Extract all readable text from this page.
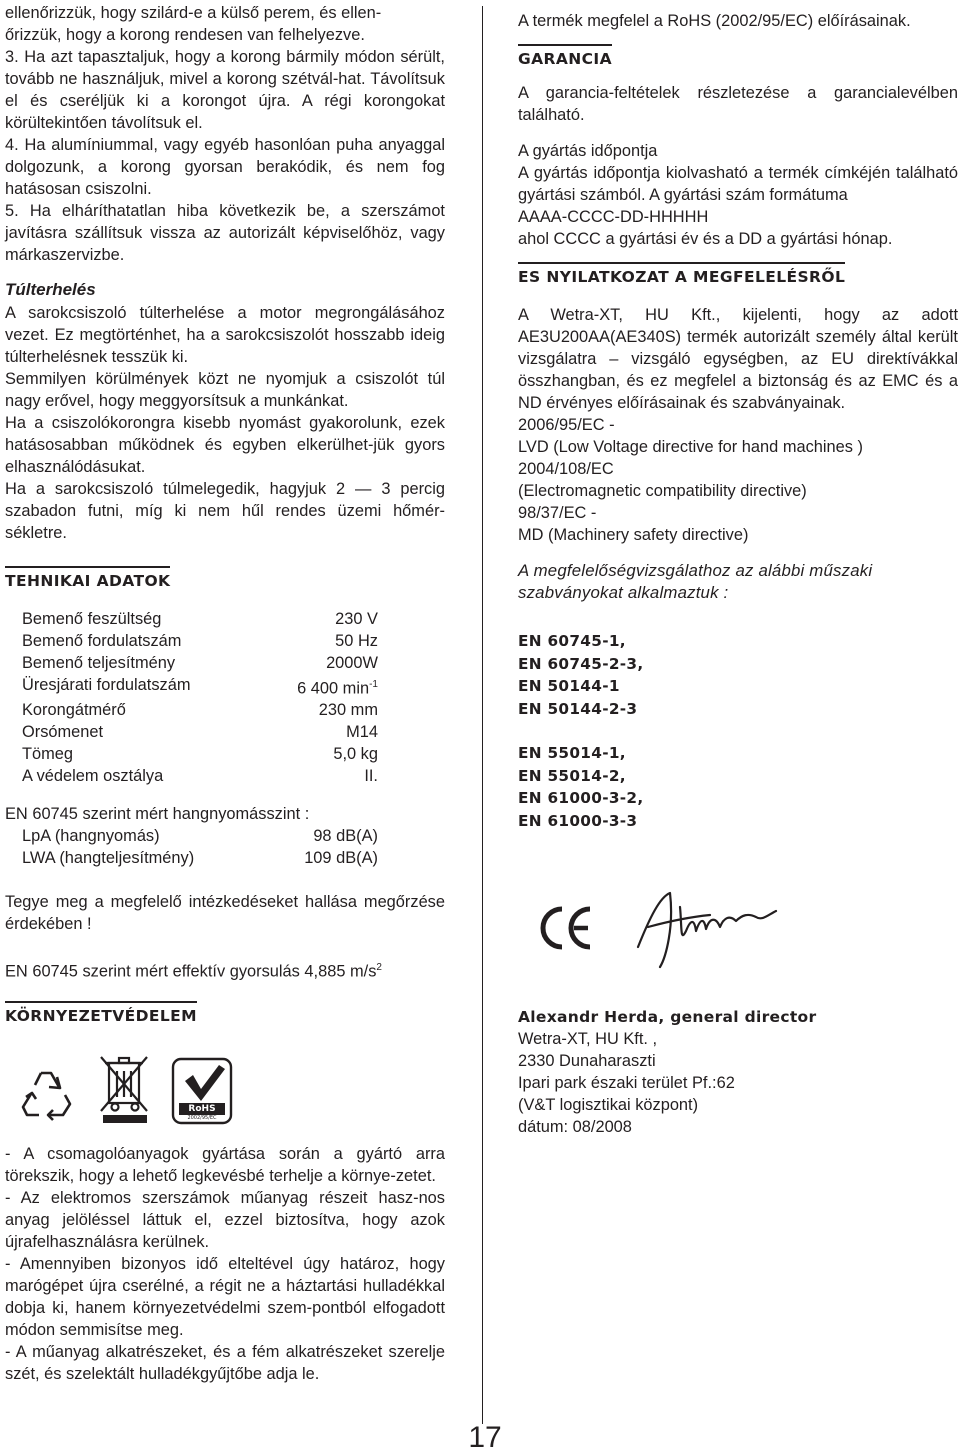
ellenőrizzük, hogy szilárd-e a külső perem, és ellen-

őrizzük, hogy a korong rendesen van felhelyezve.

3. Ha azt tapasztaljuk, hogy a korong bármily módon sérült, tovább ne használjuk, mivel a korong szétvál-hat. Távolítsuk el és cseréljük ki a korongot újra. A régi korongokat körültekintően távolítsuk el.

4. Ha alumíniummal, vagy egyéb hasonlóan puha anyaggal dolgozunk, a korong gyorsan berakódik, és nem fog hatásosan csiszolni.

5. Ha elháríthatatlan hiba következik be, a szerszámot javításra szállítsuk vissza az autorizált képviselőhöz, vagy márkaszervizbe.

Túlterhelés

A sarokcsiszoló túlterhelése a motor megrongálásához vezet. Ez megtörténhet, ha a sarokcsiszolót hosszabb ideig túlterhelésnek tesszük ki.

Semmilyen körülmények közt ne nyomjuk a csiszolót túl nagy erővel, hogy meggyorsítsuk a munkánkat.

Ha a csiszolókorongra kisebb nyomást gyakorolunk, ezek hatásosabban működnek és egyben elkerülhet-jük gyors elhasználódásukat.

Ha a sarokcsiszoló túlmelegedik, hagyjuk 2 — 3 percig szabadon futni, míg ki nem hűl rendes üzemi hőmér-sékletre.

TEHNIKAI ADATOK
Bemenő feszültség	230 V
Bemenő fordulatszám	50 Hz
Bemenő teljesítmény	2000W
Üresjárati fordulatszám	6 400 $\min^{-1}$
Korongátmérő	230 mm
Orsómenet	M14
Tömeg	5,0 kg
A védelem osztálya	II.

EN 60745 szerint mért hangnyomásszint :

LpA (hangnyomás)	98 dB(A)
LWA (hangteljesítmény)	109 dB(A)

Tegye meg a megfelelő intézkedéseket hallása megőrzése érdekében !

EN 60745 szerint mért effektív gyorsulás 4,885 $m/s^2$

KÖRNYEZETVÉDELEM
RoHS
2002/95/EC

- A csomagolóanyagok gyártása során a gyártó arra törekszik, hogy a lehető legkevésbé terhelje a környe-zetet.

- Az elektromos szerszámok műanyag részeit hasz-nos anyag jelöléssel láttuk el, ezzel biztosítva, hogy azok újrafelhasználásra kerülnek.

- Amennyiben bizonyos idő elteltével úgy határoz, hogy marógépet újra cserélné, a régit ne a háztartási hulladékkal dobja ki, hanem környezetvédelmi szem-pontból elfogadott módon semmisítse meg.

- A műanyag alkatrészeket, és a fém alkatrészeket szerelje szét, és szelektált hulladékgyűjtőbe adja le.

A termék megfelel a RoHS (2002/95/EC) előírásainak.

GARANCIA

A garancia-feltételek részletezése a garancialevélben található.

A gyártás időpontja

A gyártás időpontja kiolvasható a termék címkéjén található gyártási számból. A gyártási szám formátuma

AAAA-CCCC-DD-HHHHH

ahol CCCC a gyártási év és a DD a gyártási hónap.

ES NYILATKOZAT A MEGFELELÉSRŐL

A Wetra-XT, HU Kft., kijelenti, hogy az adott AE3U200AA(AE340S) termék autorizált személy által került vizsgálatra – vizsgáló egységben, az EU direktívákkal összhangban, és ez megfelel a biztonság és az EMC és a ND érvényes előírásainak és szabványainak.

2006/95/EC -

LVD (Low Voltage directive for hand machines )

2004/108/EC

(Electromagnetic compatibility directive)

98/37/EC -

MD (Machinery safety directive)

A megfelelőségvizsgálathoz az alábbi műszaki szabványokat alkalmaztuk :

EN 60745-1,

EN 60745-2-3,

EN 50144-1

EN 50144-2-3

EN 55014-1,

EN 55014-2,

EN 61000-3-2,

EN 61000-3-3

Alexandr Herda, general director

Wetra-XT, HU Kft. ,

2330 Dunaharaszti

Ipari park északi terület Pf.:62

(V&T logisztikai központ)

dátum: 08/2008

17
